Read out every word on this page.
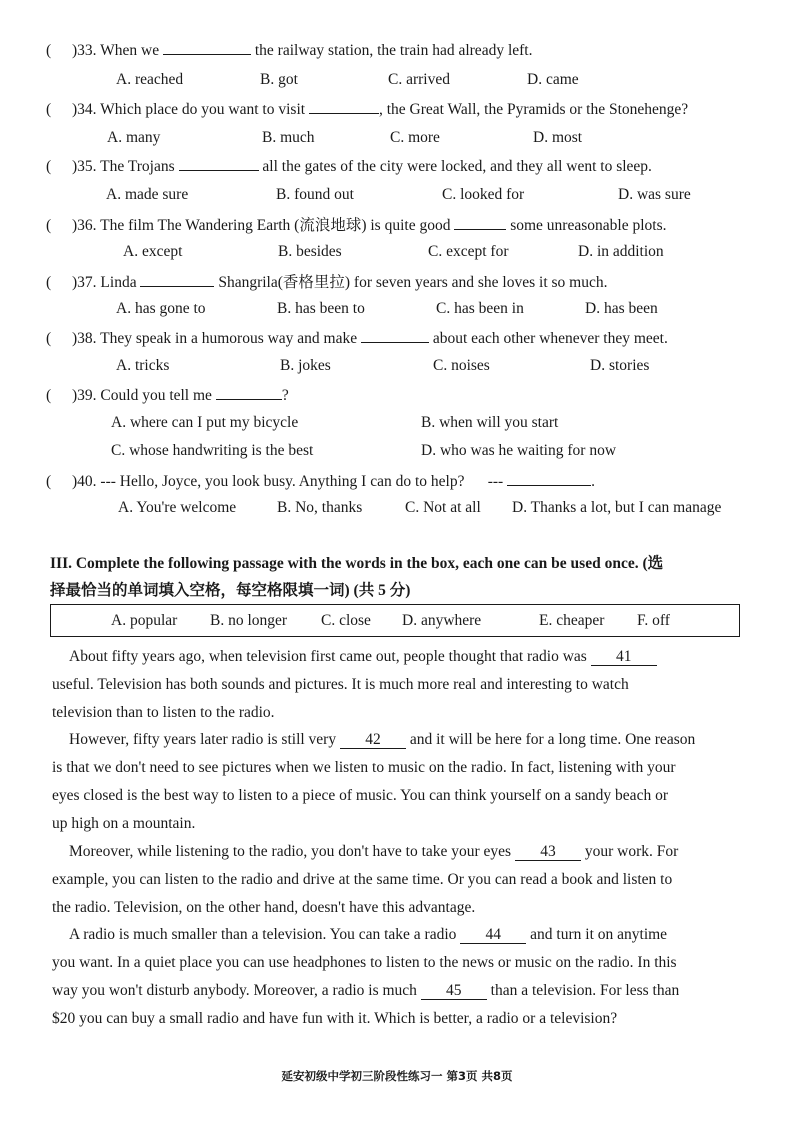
( )33. When we	the railway station, the train had already left.
A. reached	B. got	C. arrived	D. came
( )34. Which place do you want to visit	, the Great Wall, the Pyramids or the Stonehenge?
A. many	B. much	C. more	D. most
( )35. The Trojans	all the gates of the city were locked, and they all went to sleep.
A. made sure	B. found out	C. looked for	D. was sure
( )36. The film The Wandering Earth (流浪地球) is quite good	some unreasonable plots.
A. except	B. besides	C. except for	D. in addition
( )37. Linda	Shangrila(香格里拉) for seven years and she loves it so much.
A. has gone to	B. has been to	C. has been in	D. has been
( )38. They speak in a humorous way and make	about each other whenever they meet.
A. tricks	B. jokes	C. noises	D. stories
( )39. Could you tell me	?
A. where can I put my bicycle	B. when will you start
C. whose handwriting is the best	D. who was he waiting for now
( )40. --- Hello, Joyce, you look busy. Anything I can do to help? ---	.
A. You're welcome	B. No, thanks	C. Not at all D. Thanks a lot, but I can manage
III. Complete the following passage with the words in the box, each one can be used once. (选
择最恰当的单词填入空格，每空格限填一词) (共 5 分)
A. popular B. no longer C. close D. anywhere	E. cheaper F. off
About fifty years ago, when television first came out, people thought that radio was 41
useful. Television has both sounds and pictures. It is much more real and interesting to watch
television than to listen to the radio.
However, fifty years later radio is still very 42 and it will be here for a long time. One reason
is that we don't need to see pictures when we listen to music on the radio. In fact, listening with your
eyes closed is the best way to listen to a piece of music. You can think yourself on a sandy beach or
up high on a mountain.
Moreover, while listening to the radio, you don't have to take your eyes 43 your work. For
example, you can listen to the radio and drive at the same time. Or you can read a book and listen to
the radio. Television, on the other hand, doesn't have this advantage.
A radio is much smaller than a television. You can take a radio 44 and turn it on anytime
you want. In a quiet place you can use headphones to listen to the news or music on the radio. In this
way you won't disturb anybody. Moreover, a radio is much 45 than a television. For less than
$20 you can buy a small radio and have fun with it. Which is better, a radio or a television?
延安初级中学初三阶段性练习一 第3页 共8页
